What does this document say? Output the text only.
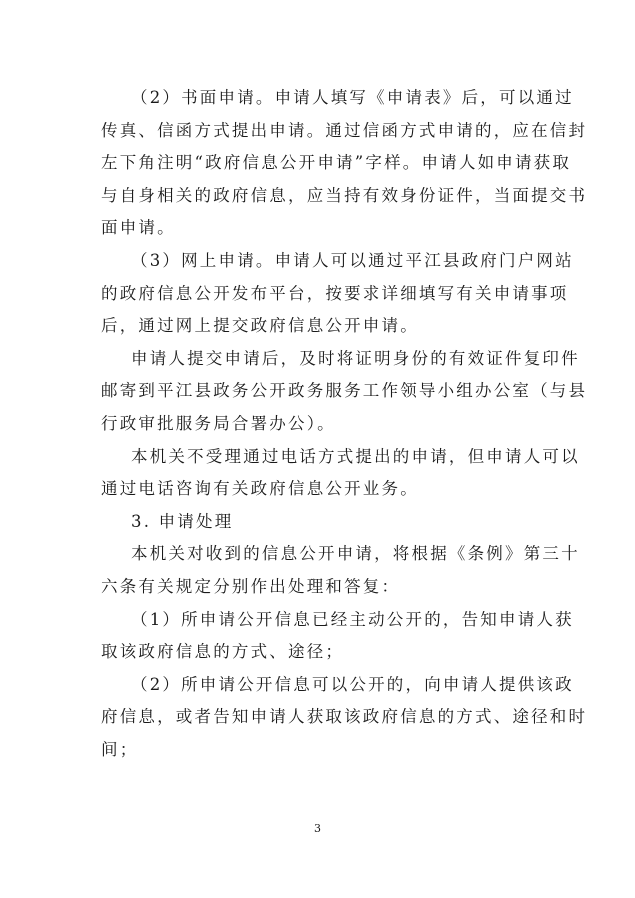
（2）书面申请。申请人填写《申请表》后，可以通过
传真、信函方式提出申请。通过信函方式申请的，应在信封
左下角注明“政府信息公开申请”字样。申请人如申请获取
与自身相关的政府信息，应当持有效身份证件，当面提交书
面申请。
（3）网上申请。申请人可以通过平江县政府门户网站
的政府信息公开发布平台，按要求详细填写有关申请事项
后，通过网上提交政府信息公开申请。
申请人提交申请后，及时将证明身份的有效证件复印件
邮寄到平江县政务公开政务服务工作领导小组办公室（与县
行政审批服务局合署办公）。
本机关不受理通过电话方式提出的申请，但申请人可以
通过电话咨询有关政府信息公开业务。
3. 申请处理
本机关对收到的信息公开申请，将根据《条例》第三十
六条有关规定分别作出处理和答复：
（1）所申请公开信息已经主动公开的，告知申请人获
取该政府信息的方式、途径；
（2）所申请公开信息可以公开的，向申请人提供该政
府信息，或者告知申请人获取该政府信息的方式、途径和时
间；
3
